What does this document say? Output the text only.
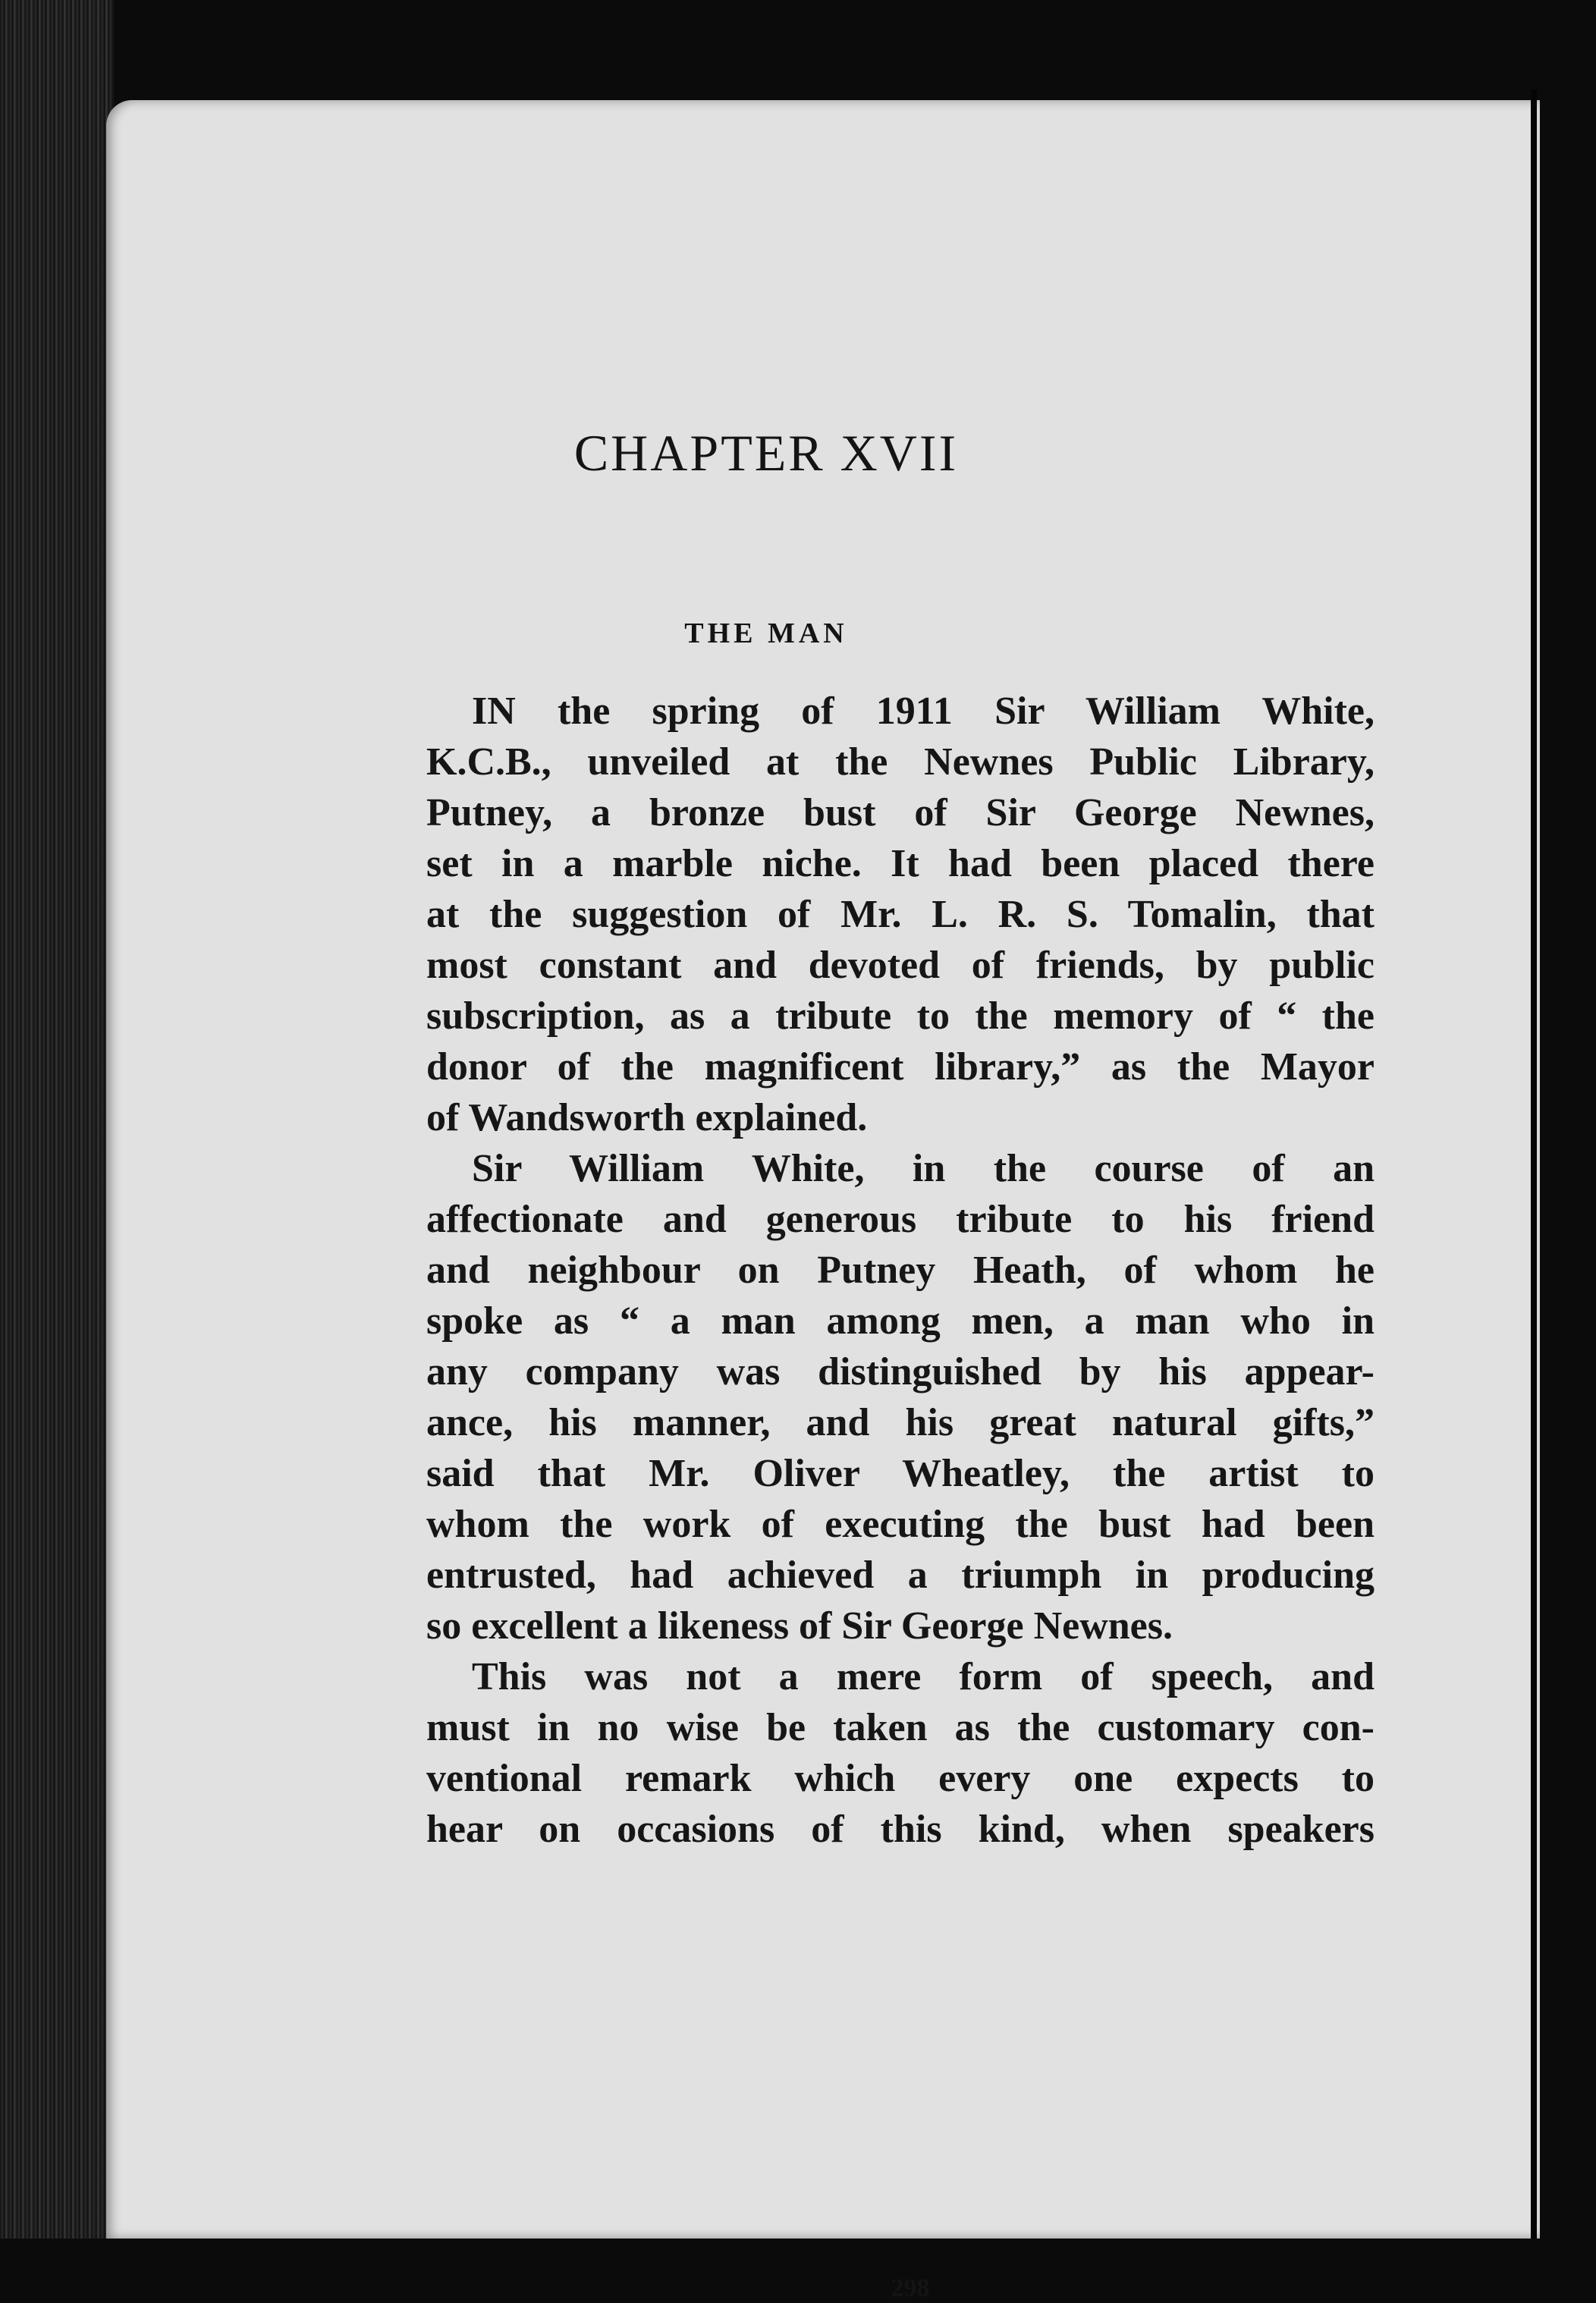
CHAPTER XVII
THE MAN
IN the spring of 1911 Sir William White,
K.C.B., unveiled at the Newnes Public Library,
Putney, a bronze bust of Sir George Newnes,
set in a marble niche. It had been placed there
at the suggestion of Mr. L. R. S. Tomalin, that
most constant and devoted of friends, by public
subscription, as a tribute to the memory of “ the
donor of the magnificent library,” as the Mayor
of Wandsworth explained.
Sir William White, in the course of an
affectionate and generous tribute to his friend
and neighbour on Putney Heath, of whom he
spoke as “ a man among men, a man who in
any company was distinguished by his appear-
ance, his manner, and his great natural gifts,”
said that Mr. Oliver Wheatley, the artist to
whom the work of executing the bust had been
entrusted, had achieved a triumph in producing
so excellent a likeness of Sir George Newnes.
This was not a mere form of speech, and
must in no wise be taken as the customary con-
ventional remark which every one expects to
hear on occasions of this kind, when speakers
298
